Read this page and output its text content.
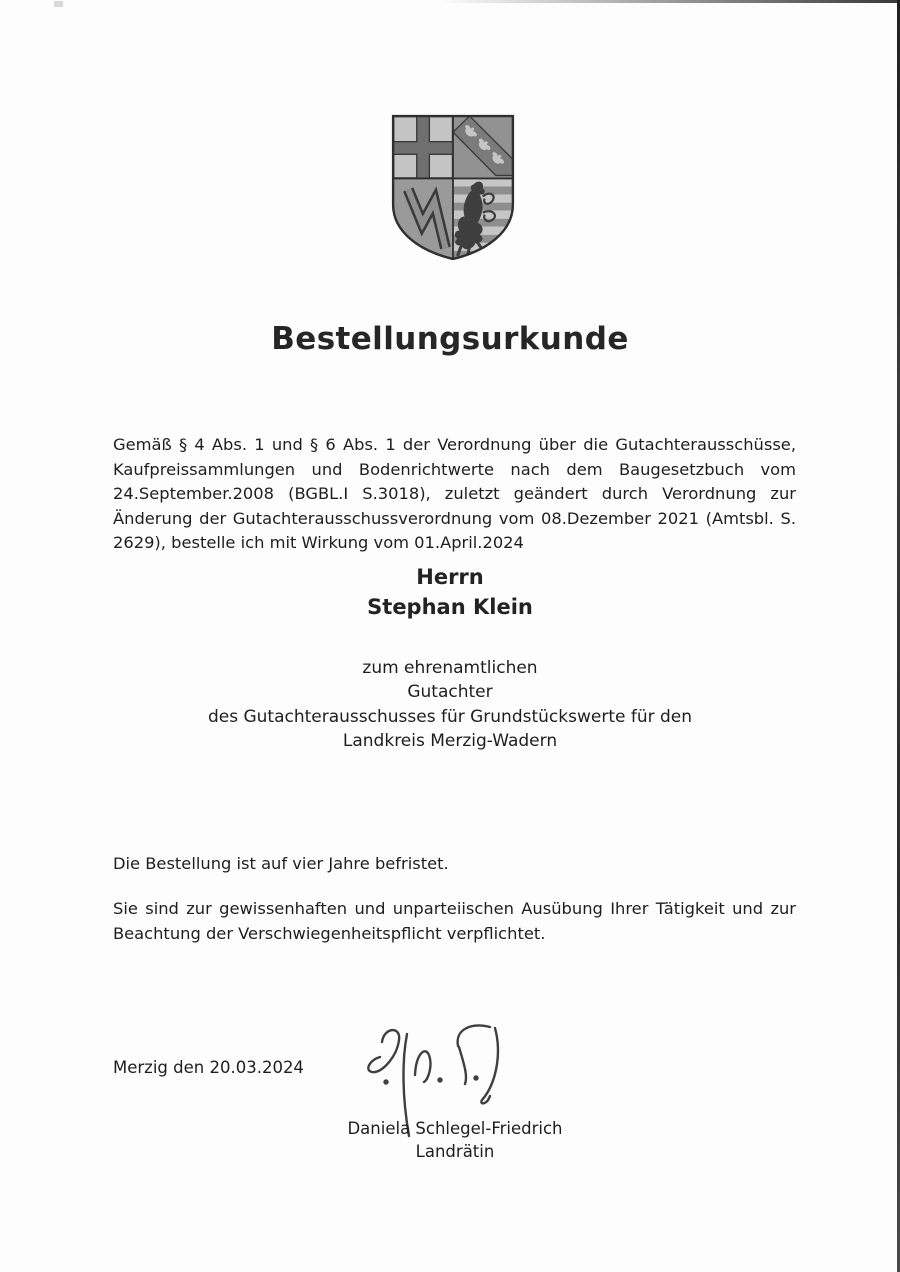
Bestellungsurkunde
Gemäß § 4 Abs. 1 und § 6 Abs. 1 der Verordnung über die Gutachterausschüsse,
Kaufpreissammlungen und Bodenrichtwerte nach dem Baugesetzbuch vom
24.September.2008 (BGBL.I S.3018), zuletzt geändert durch Verordnung zur
Änderung der Gutachterausschussverordnung vom 08.Dezember 2021 (Amtsbl. S.
2629), bestelle ich mit Wirkung vom 01.April.2024
Herrn
Stephan Klein
zum ehrenamtlichen
Gutachter
des Gutachterausschusses für Grundstückswerte für den
Landkreis Merzig-Wadern
Die Bestellung ist auf vier Jahre befristet.
Sie sind zur gewissenhaften und unparteiischen Ausübung Ihrer Tätigkeit und zur
Beachtung der Verschwiegenheitspflicht verpflichtet.
Merzig den 20.03.2024
Daniela Schlegel-Friedrich
Landrätin
